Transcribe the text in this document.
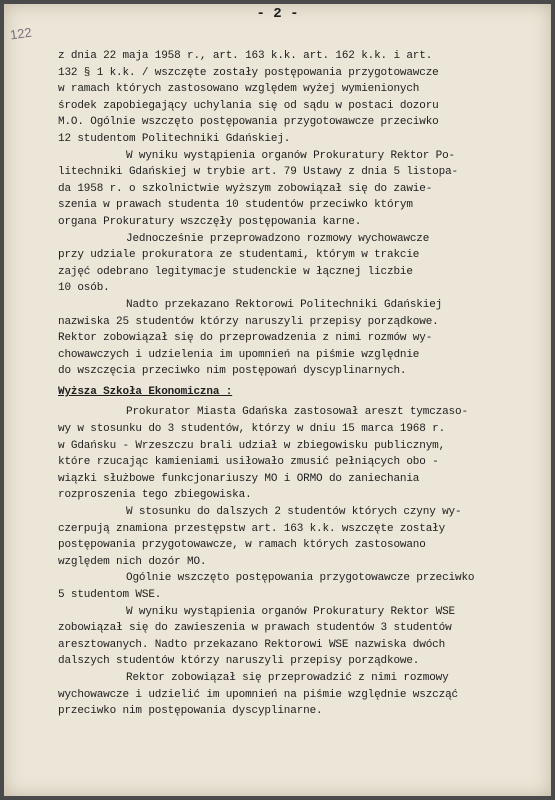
122
- 2 -
z dnia 22 maja 1958 r., art. 163 k.k. art. 162 k.k. i art.
132 § 1 k.k. / wszczęte zostały postępowania przygotowawcze
w ramach których zastosowano względem wyżej wymienionych
środek zapobiegający uchylania się od sądu w postaci dozoru
M.O. Ogólnie wszczęto postępowania przygotowawcze przeciwko
12 studentom Politechniki Gdańskiej.
W wyniku wystąpienia organów Prokuratury Rektor Po-
litechniki Gdańskiej w trybie art. 79 Ustawy z dnia 5 listopa-
da 1958 r. o szkolnictwie wyższym zobowiązał się do zawie-
szenia w prawach studenta 10 studentów przeciwko którym
organa Prokuratury wszczęły postępowania karne.
Jednocześnie przeprowadzono rozmowy wychowawcze
przy udziale prokuratora ze studentami, którym w trakcie
zajęć odebrano legitymacje studenckie w łącznej liczbie
10 osób.
Nadto przekazano Rektorowi Politechniki Gdańskiej
nazwiska 25 studentów którzy naruszyli przepisy porządkowe.
Rektor zobowiązał się do przeprowadzenia z nimi rozmów wy-
chowawczych i udzielenia im upomnień na piśmie względnie
do wszczęcia przeciwko nim postępowań dyscyplinarnych.
Wyższa Szkoła Ekonomiczna :
Prokurator Miasta Gdańska zastosował areszt tymczaso-
wy w stosunku do 3 studentów, którzy w dniu 15 marca 1968 r.
w Gdańsku - Wrzeszczu brali udział w zbiegowisku publicznym,
które rzucając kamieniami usiłowało zmusić pełniących obo -
wiązki służbowe funkcjonariuszy MO i ORMO do zaniechania
rozproszenia tego zbiegowiska.
W stosunku do dalszych 2 studentów których czyny wy-
czerpują znamiona przestępstw art. 163 k.k. wszczęte zostały
postępowania przygotowawcze, w ramach których zastosowano
względem nich dozór MO.
Ogólnie wszczęto postępowania przygotowawcze przeciwko
5 studentom WSE.
W wyniku wystąpienia organów Prokuratury Rektor WSE
zobowiązał się do zawieszenia w prawach studentów 3 studentów
aresztowanych. Nadto przekazano Rektorowi WSE nazwiska dwóch
dalszych studentów którzy naruszyli przepisy porządkowe.
Rektor zobowiązał się przeprowadzić z nimi rozmowy
wychowawcze i udzielić im upomnień na piśmie względnie wszcząć
przeciwko nim postępowania dyscyplinarne.
